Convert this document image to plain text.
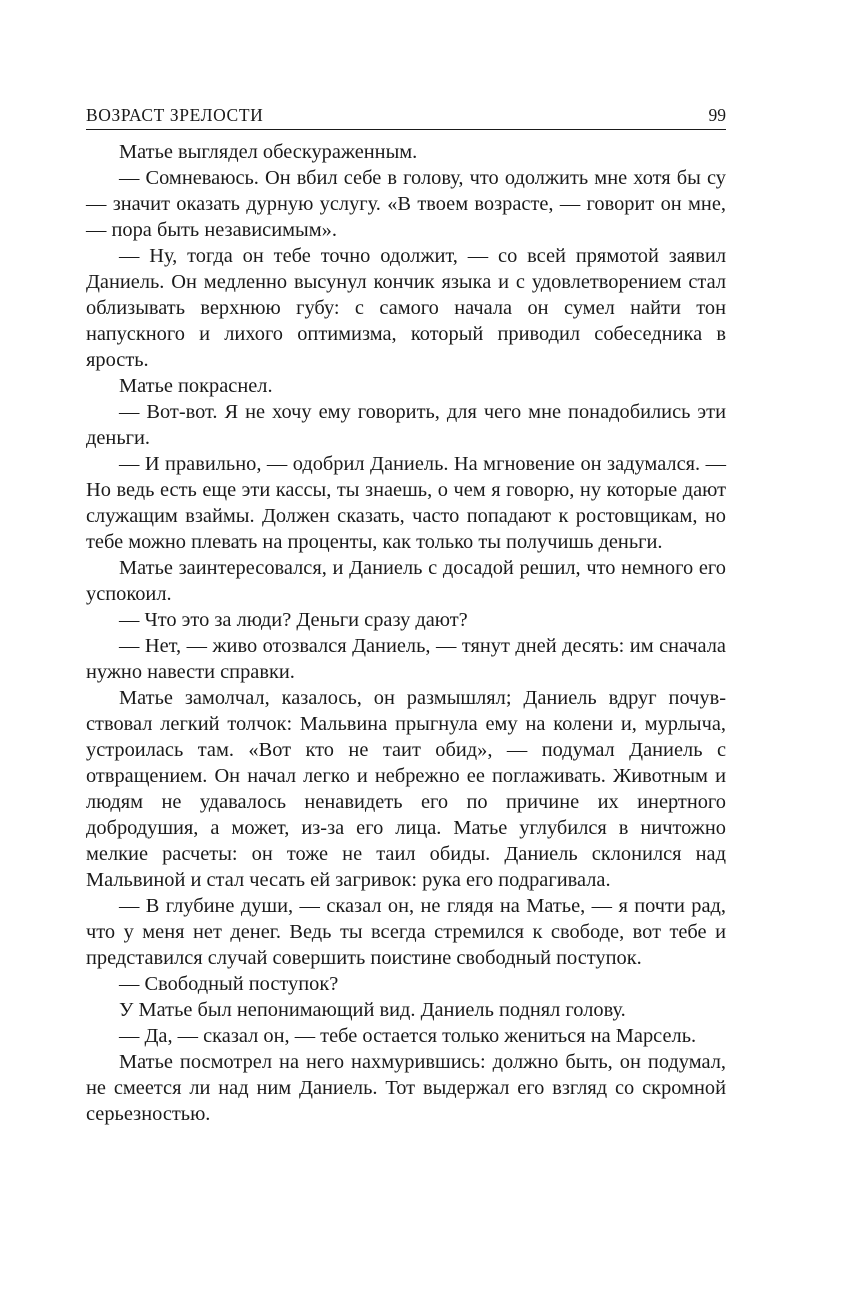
ВОЗРАСТ ЗРЕЛОСТИ	99

Матье выглядел обескураженным.

— Сомневаюсь. Он вбил себе в голову, что одолжить мне хотя бы су — значит оказать дурную услугу. «В твоем возрасте, — говорит он мне, — пора быть независимым».

— Ну, тогда он тебе точно одолжит, — со всей прямотой заявил Даниель. Он медленно высунул кончик языка и с удовлетворением стал облизывать верхнюю губу: с самого начала он сумел найти тон напускного и лихого оптимизма, который приводил собеседника в ярость.

Матье покраснел.

— Вот-вот. Я не хочу ему говорить, для чего мне понадобились эти деньги.

— И правильно, — одобрил Даниель. На мгновение он задумался. — Но ведь есть еще эти кассы, ты знаешь, о чем я говорю, ну которые дают служащим взаймы. Должен сказать, часто попадают к ростовщикам, но тебе можно плевать на проценты, как только ты получишь деньги.

Матье заинтересовался, и Даниель с досадой решил, что немного его успокоил.

— Что это за люди? Деньги сразу дают?

— Нет, — живо отозвался Даниель, — тянут дней десять: им сначала нужно навести справки.

Матье замолчал, казалось, он размышлял; Даниель вдруг почувствовал легкий толчок: Мальвина прыгнула ему на колени и, мурлыча, устроилась там. «Вот кто не таит обид», — подумал Даниель с отвращением. Он начал легко и небрежно ее поглаживать. Животным и людям не удавалось ненавидеть его по причине их инертного добродушия, а может, из-за его лица. Матье углубился в ничтожно мелкие расчеты: он тоже не таил обиды. Даниель склонился над Мальвиной и стал чесать ей загривок: рука его подрагивала.

— В глубине души, — сказал он, не глядя на Матье, — я почти рад, что у меня нет денег. Ведь ты всегда стремился к свободе, вот тебе и представился случай совершить поистине свободный поступок.

— Свободный поступок?

У Матье был непонимающий вид. Даниель поднял голову.

— Да, — сказал он, — тебе остается только жениться на Марсель.

Матье посмотрел на него нахмурившись: должно быть, он подумал, не смеется ли над ним Даниель. Тот выдержал его взгляд со скромной серьезностью.
